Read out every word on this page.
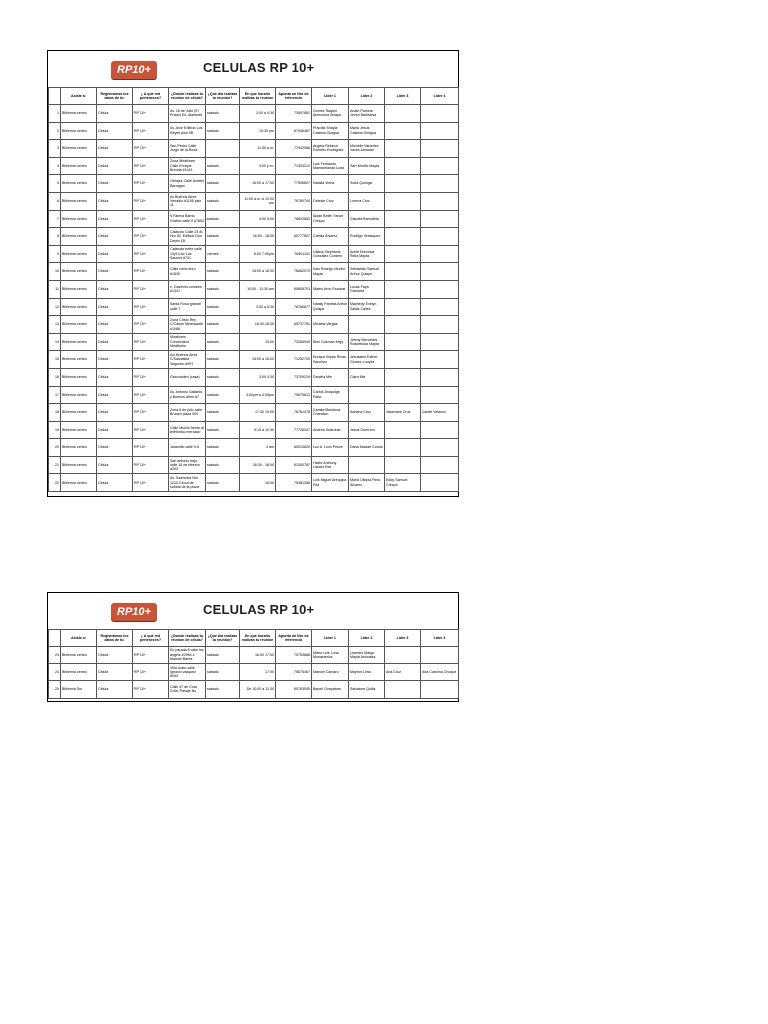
RP10+	CELULAS RP 10+
	Asiste a:	Registramos los datos de tu:	¿ A que red perteneces?	¿Donde realizas tu reunion de célula?	¿Que día realizas tu reunión?	En que horario realizas tu reunion	Apunta un Nro de referencia	Lider 1	Lider 2	Lider 3	Lider 4
1	Bhilemia centro	Célula	RP 10+	Av. 16 de Julio (El Prado) Ed. Alameda	sabado	2:00 a 4:30	73697862	Gomez Raquel Alemonsa Zelaya	Anath Pamela Jirveri Baldivesa		
2	Bhilemia centro	Célula	RP 10+	Av. Arce Edificio Los Reyes piso 9B	sabado	15:30 pm	67946467	Priscilla Shayla Castedo Burgoa	Maria Jesus Castedo Burgoa		
3	Bhilemia centro	Célula	RP 10+	San Pedro Calle Jorge de la Reza		11:00 a.m.	77942066	Angela Rebeca Fuentes Rodriguez	Michelle Valverlez Yaves Almaran		
4	Bhilemia centro	Célula	RP 10+	Zona Miraflores Calle Enrique Brenda #1441	sabado	3:00 p.m.	71303212	Luis Fernando Mamaniranda Luna	Sarr Murillo Mayta		
5	Bhilemia centro	Célula	RP 10+	Obrajes Calle Andrés Barragán	sabado	16:00 a 17:00	77906607	Natalia Vieira	Sofia Quiroga		
6	Bhilemia centro	Célula	RP 10+	Av Buenos Aires Venadio #1195 piso 11	sabado	11:00 a.m. A 12:00 am	76780744	Celeste Cruz	Lorena Cruz		
7	Bhilemia centro	Célula	RP 10+	V.Fatima Barrio Grafico calle II #7852	sabado	4:00 5:00	78832853	Aldair Belen Yance Crespo	Claudia Barrutieta		
8	Bhilemia centro	Célula	RP 10+	Calacoto Calle 24 #L Nro 80, Edificio Don Depto 1B	sabado	16:00 - 18:00	60777807	Camila Álvarez	Rodrigo Velasquez		
9	Bhilemia centro	Célula	RP 10+	Calacoto entre calle 13y14 Av Los Sauces #741	viernes	6:00 7:00pm	76901101	Liliana Stephanie González Cordero	Annie Brennica Riela Mayta		
10	Bhilemia centro	Célula	RP 10+	Calle roma #nro #1830	sabado	15:00 a 16:30	76662070	Iván Rodrigo Murillo Mayta	Sebastián Samuel Arthur Quispe		
11	Bhilemia centro	Célula	RP 10+	c. Casimiro corrales #1341	sabado	10:00 - 11:30 am	65805703	Mateo Aron Escobar	Lucas Faya Gamarra		
12	Bhilemia centro	Célula	RP 10+	Santa Rosa grande calle 7	sabado	3:00 a 5:30	78766877	Nataly Pamela Arthur Quispe	Mayhedy Evelyn Zallas Calles		
13	Bhilemia centro	Célula	RP 10+	Zona Cristo Rey C/Carlos Medinacelli #1088	sabado	16:30-18:30	65737781	Micaela Vargas			
14	Bhilemia centro	Célula	RP 10+	Miraflores Condominio Miraflores	sabado	15:00	73284949	Alex Guzman Mejy	Jimmy Mercedes Rossebuda Mayta		
15	Bhilemia centro	Célula	RP 10+	Av/ Buenos Aires C/Salvatidor Segundo #997	sabado	15:00 a 16:00	71252700	Enrique Bryan Rivas Sanchez	Jesusalen Esther Gómez Luoyza		
16	Bhilemia centro	Célula	RP 10+	Garcuniden (casa)	sabado	3:00 4:30	73709219	Daniela Mle	Clara Mle		
17	Bhilemia centro	Célula	RP 10+	Av. Antonio Gallardo y Buenos Aires #7	sabado	3:00pm a 4:30pm	75875813	Carlos Jhoquilge Pabo			
18	Bhilemia centro	Célula	RP 10+	Zona 8 de julio calle Bruneo plaza 000	sabado	17:30 19:00	76761378	Camila Mendoza Chandion	Adriana Cruz	Jasemare Cruz	Daniel Velasco
19	Bhilemia centro	Célula	RP 10+	Calle Murillo frente al telefonico mercado	sabado	9:15 a 10:30	77726347	Andrea Guarchar	Jesus Guerrero		
20	Bhilemia centro	Célula	RP 10+	Jaramillo calle 9 A	sabado	4 am	60010820	Luz A. Lovo Pesce	Dana Maciae Condo		
21	Bhilemia centro	Célula	RP 10+	San antonio bajo calle 16 de febrero #203	sabado	16:30 - 18:00	61300787	Haled Anthony Lazaro Paz			
22	Bhilemia centro	Célula	RP 10+	Av. Saavedra Nro 1220 Cerca de subida de la plaza	sabado	16:00	75381358	Luis Miguel Arequipa Paz	Maria Olinpia Pinto Álvarez	Eddy Samuel Crespo	
RP10+	CELULAS RP 10+
	Asiste a:	Registramos los datos de tu:	¿ A que red perteneces?	¿Donde realizas tu reunion de célula?	¿Que día realizas tu reunión?	En que horario realizas tu reunion	Apunta un Nro de referencia	Lider 1	Lider 2	Lider 3	Lider 4
23	Bhilemia centro	Célula	RP 10+	En parada 8 calle los angels #2984 c. Manuel Barea	sabado	16:00 17:00	70753868	Mario Luis Luna Monasterios	Leandro Margo Mayta Asinosea		
24	Bhilemia centro	Célula	RP 10+	Villa costu calle Ignacio vasquez #093	sabado	17:00	76675467	Manuel Camaro	Mayron Lima	Ana Cruz	Ana Carolina Choque
25	Bhilemia Sur	Célula	RP 10+	Calle 47 de Cota Cota, Pasaje No	sabado	De 10:00 a 11:30	65783045	Bepeli Gonçalves	Salvatore Quilla		
